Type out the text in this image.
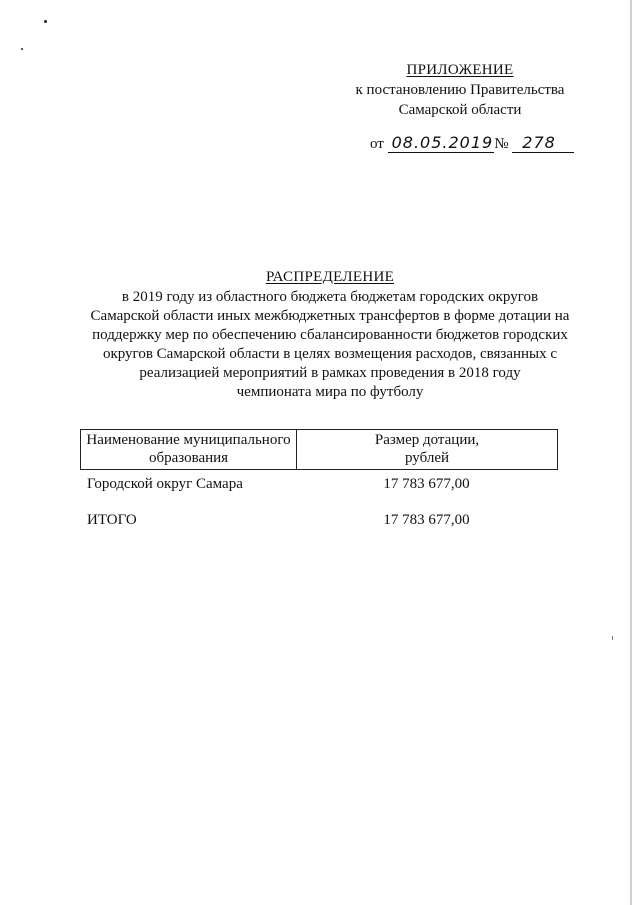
ПРИЛОЖЕНИЕ
к постановлению Правительства
Самарской области
от 08.05.2019№ 278
РАСПРЕДЕЛЕНИЕ
в 2019 году из областного бюджета бюджетам городских округов
Самарской области иных межбюджетных трансфертов в форме дотации на
поддержку мер по обеспечению сбалансированности бюджетов городских
округов Самарской области в целях возмещения расходов, связанных с
реализацией мероприятий в рамках проведения в 2018 году
чемпионата мира по футболу
Наименование муниципального
образования
Размер дотации,
рублей
Городской округ Самара	17 783 677,00
ИТОГО	17 783 677,00
